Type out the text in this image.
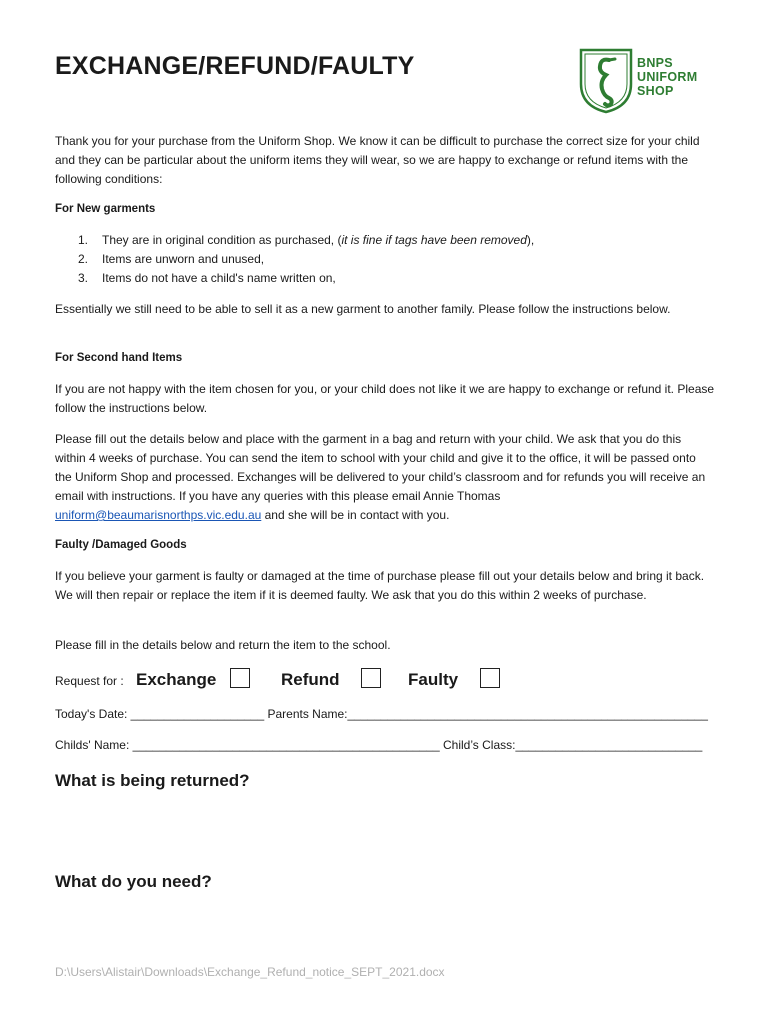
EXCHANGE/REFUND/FAULTY	BNPS
UNIFORM
SHOP
Thank you for your purchase from the Uniform Shop. We know it can be difficult to purchase the correct size for your child and they can be particular about the uniform items they will wear, so we are happy to exchange or refund items with the following conditions:
For New garments
1. They are in original condition as purchased, (it is fine if tags have been removed),
2. Items are unworn and unused,
3. Items do not have a child's name written on,
Essentially we still need to be able to sell it as a new garment to another family. Please follow the instructions below.
For Second hand Items
If you are not happy with the item chosen for you, or your child does not like it we are happy to exchange or refund it. Please follow the instructions below.
Please fill out the details below and place with the garment in a bag and return with your child. We ask that you do this within 4 weeks of purchase. You can send the item to school with your child and give it to the office, it will be passed onto the Uniform Shop and processed. Exchanges will be delivered to your child’s classroom and for refunds you will receive an email with instructions. If you have any queries with this please email Annie Thomas
uniform@beaumarisnorthps.vic.edu.au and she will be in contact with you.
Faulty /Damaged Goods
If you believe your garment is faulty or damaged at the time of purchase please fill out your details below and bring it back. We will then repair or replace the item if it is deemed faulty. We ask that you do this within 2 weeks of purchase.
Please fill in the details below and return the item to the school.
Request for : Exchange	Refund	Faulty
Today's Date: ____________________ Parents Name:______________________________________________________
Childs' Name: ______________________________________________ Child’s Class:____________________________
What is being returned?
What do you need?
D:\Users\Alistair\Downloads\Exchange_Refund_notice_SEPT_2021.docx
